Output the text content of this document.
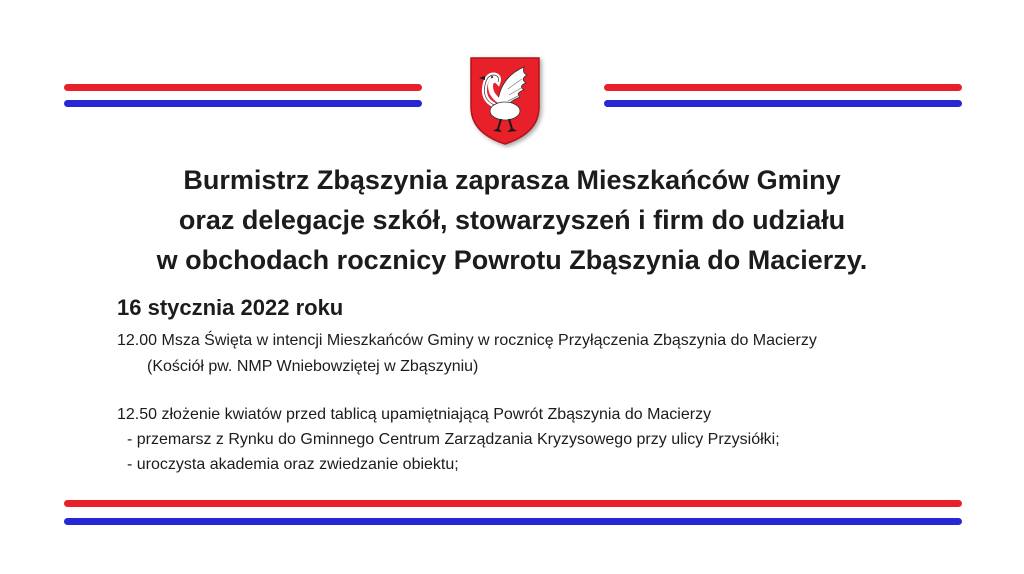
Burmistrz Zbąszynia zaprasza Mieszkańców Gminy
oraz delegacje szkół, stowarzyszeń i firm do udziału
w obchodach rocznicy Powrotu Zbąszynia do Macierzy.
16 stycznia 2022 roku
12.00 Msza Święta w intencji Mieszkańców Gminy w rocznicę Przyłączenia Zbąszynia do Macierzy
(Kościół pw. NMP Wniebowziętej w Zbąszyniu)
12.50 złożenie kwiatów przed tablicą upamiętniającą Powrót Zbąszynia do Macierzy
- przemarsz z Rynku do Gminnego Centrum Zarządzania Kryzysowego przy ulicy Przysiółki;
- uroczysta akademia oraz zwiedzanie obiektu;
